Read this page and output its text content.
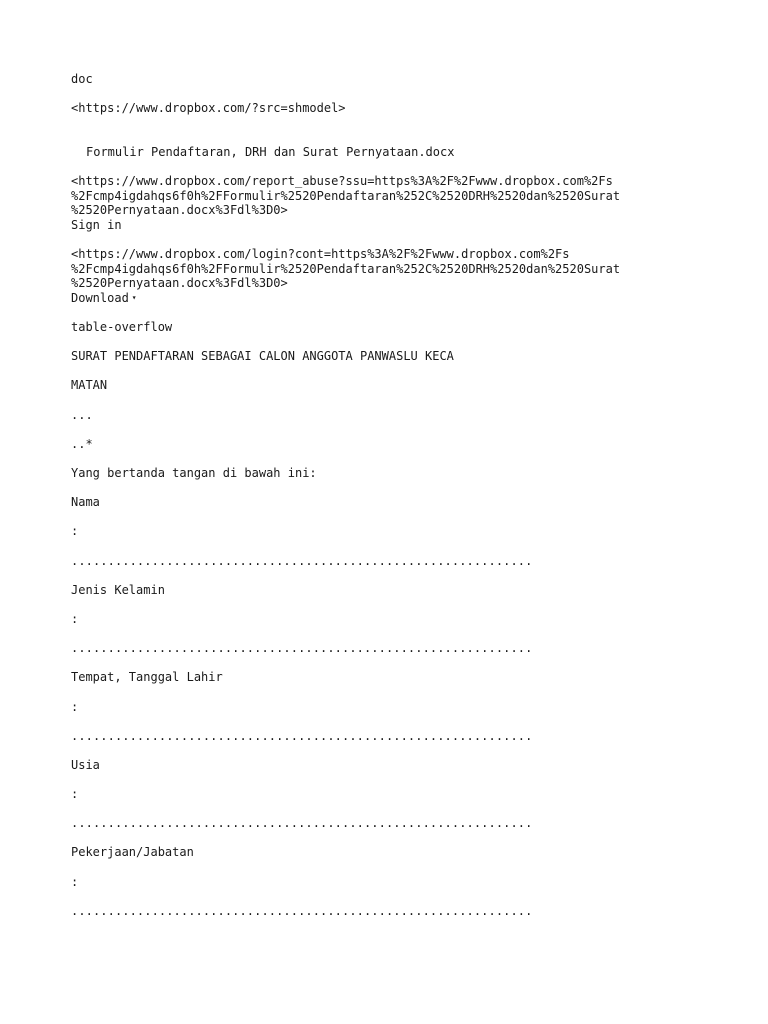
doc

<https://www.dropbox.com/?src=shmodel>

Formulir Pendaftaran, DRH dan Surat Pernyataan.docx

<https://www.dropbox.com/report_abuse?ssu=https%3A%2F%2Fwww.dropbox.com%2Fs

%2Fcmp4igdahqs6f0h%2FFormulir%2520Pendaftaran%252C%2520DRH%2520dan%2520Surat

%2520Pernyataan.docx%3Fdl%3D0>

Sign in

<https://www.dropbox.com/login?cont=https%3A%2F%2Fwww.dropbox.com%2Fs

%2Fcmp4igdahqs6f0h%2FFormulir%2520Pendaftaran%252C%2520DRH%2520dan%2520Surat

%2520Pernyataan.docx%3Fdl%3D0>

Download ▾

table-overflow

SURAT PENDAFTARAN SEBAGAI CALON ANGGOTA PANWASLU KECA

MATAN

...

..*

Yang bertanda tangan di bawah ini:

Nama

:

...............................................................

Jenis Kelamin

:

...............................................................

Tempat, Tanggal Lahir

:

...............................................................

Usia

:

...............................................................

Pekerjaan/Jabatan

:

...............................................................
